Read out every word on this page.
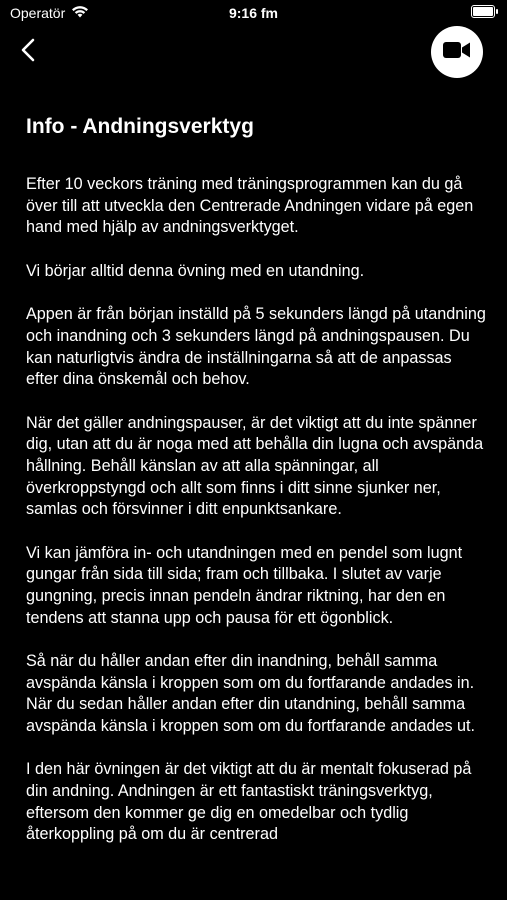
Operatör	9:16 fm
Info - Andningsverktyg

Efter 10 veckors träning med träningsprogrammen kan du gå över till att utveckla den Centrerade Andningen vidare på egen hand med hjälp av andningsverktyget.

Vi börjar alltid denna övning med en utandning.

Appen är från början inställd på 5 sekunders längd på utandning och inandning och 3 sekunders längd på andningspausen. Du kan naturligtvis ändra de inställningarna så att de anpassas efter dina önskemål och behov.

När det gäller andningspauser, är det viktigt att du inte spänner dig, utan att du är noga med att behålla din lugna och avspända hållning. Behåll känslan av att alla spänningar, all överkroppstyngd och allt som finns i ditt sinne sjunker ner, samlas och försvinner i ditt enpunktsankare.

Vi kan jämföra in- och utandningen med en pendel som lugnt gungar från sida till sida; fram och tillbaka. I slutet av varje gungning, precis innan pendeln ändrar riktning, har den en tendens att stanna upp och pausa för ett ögonblick.

Så när du håller andan efter din inandning, behåll samma avspända känsla i kroppen som om du fortfarande andades in. När du sedan håller andan efter din utandning, behåll samma avspända känsla i kroppen som om du fortfarande andades ut.

I den här övningen är det viktigt att du är mentalt fokuserad på din andning. Andningen är ett fantastiskt träningsverktyg, eftersom den kommer ge dig en omedelbar och tydlig återkoppling på om du är centrerad
